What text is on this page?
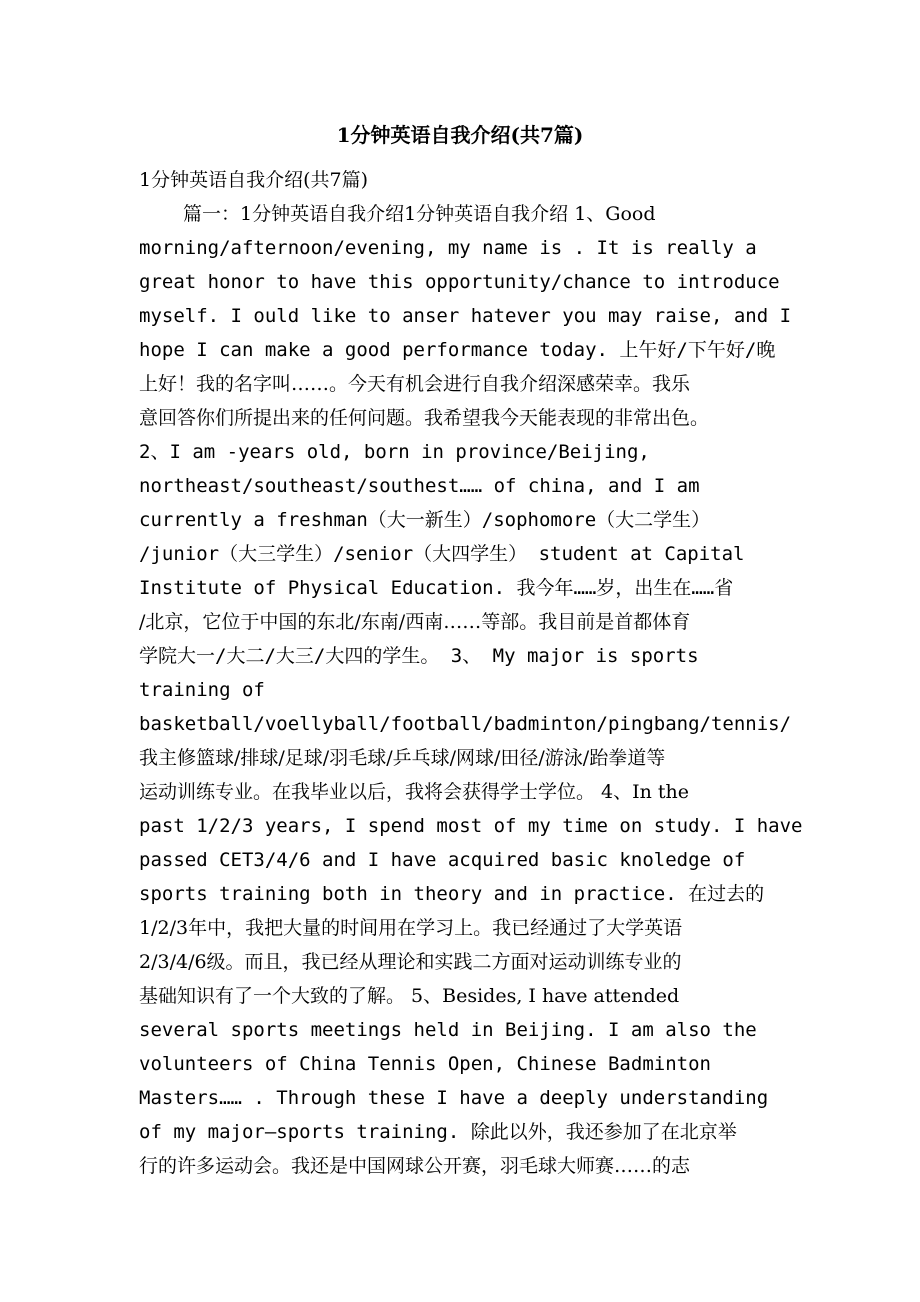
1分钟英语自我介绍(共7篇)
1分钟英语自我介绍(共7篇)
篇一：1分钟英语自我介绍1分钟英语自我介绍 1、Good
morning/afternoon/evening, my name is . It is really a
great honor to have this opportunity/chance to introduce
myself. I ould like to anser hatever you may raise, and I
hope I can make a good performance today. 上午好/下午好/晚
上好！我的名字叫……。今天有机会进行自我介绍深感荣幸。我乐
意回答你们所提出来的任何问题。我希望我今天能表现的非常出色。
2、I am -years old, born in province/Beijing,
northeast/southeast/southest…… of china, and I am
currently a freshman（大一新生）/sophomore（大二学生）
/junior（大三学生）/senior（大四学生） student at Capital
Institute of Physical Education. 我今年……岁，出生在……省
/北京，它位于中国的东北/东南/西南……等部。我目前是首都体育
学院大一/大二/大三/大四的学生。 3、 My major is sports
training of
basketball/voellyball/football/badminton/pingbang/tennis/
我主修篮球/排球/足球/羽毛球/乒乓球/网球/田径/游泳/跆拳道等
运动训练专业。在我毕业以后，我将会获得学士学位。 4、In the
past 1/2/3 years, I spend most of my time on study. I have
passed CET3/4/6 and I have acquired basic knoledge of
sports training both in theory and in practice. 在过去的
1/2/3年中，我把大量的时间用在学习上。我已经通过了大学英语
2/3/4/6级。而且，我已经从理论和实践二方面对运动训练专业的
基础知识有了一个大致的了解。 5、Besides, I have attended
several sports meetings held in Beijing. I am also the
volunteers of China Tennis Open, Chinese Badminton
Masters…… . Through these I have a deeply understanding
of my major—sports training. 除此以外，我还参加了在北京举
行的许多运动会。我还是中国网球公开赛，羽毛球大师赛……的志
